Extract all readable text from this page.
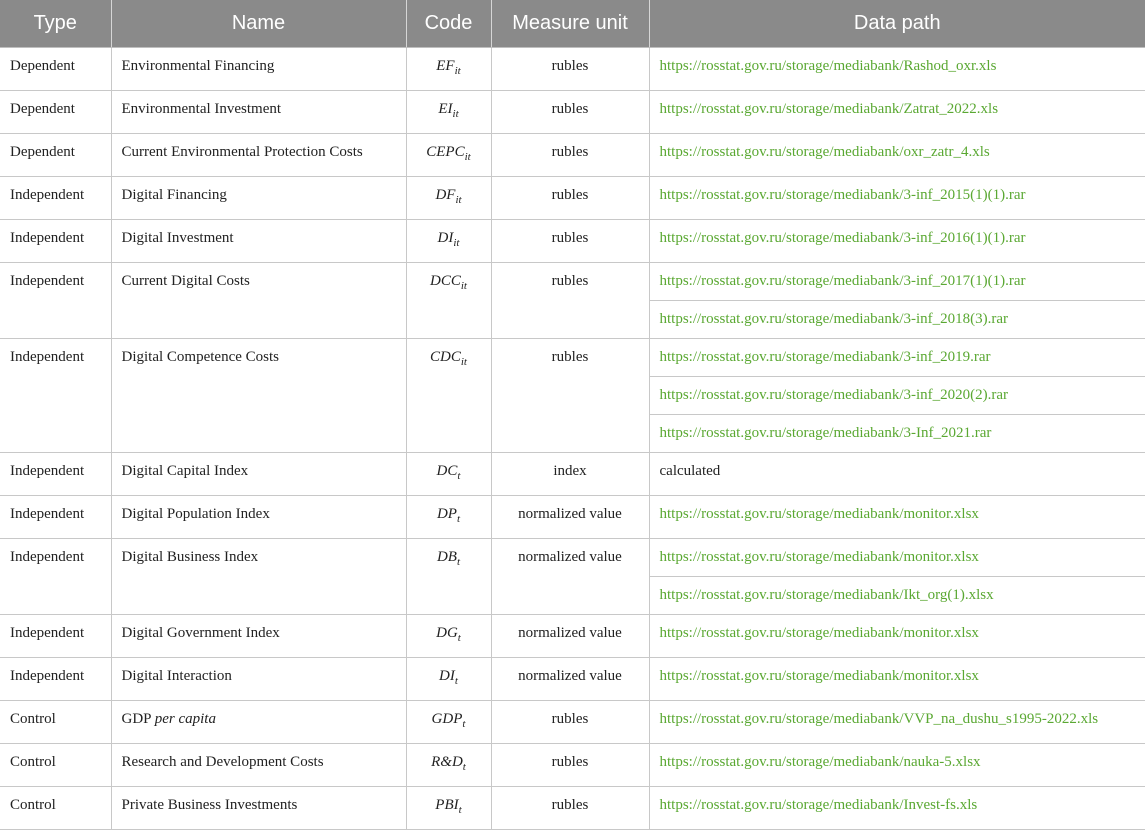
Type	Name	Code	Measure unit	Data path
Dependent	Environmental Financing	$EF_{it}$	rubles	https://rosstat.gov.ru/storage/mediabank/Rashod_oxr.xls
Dependent	Environmental Investment	$EI_{it}$	rubles	https://rosstat.gov.ru/storage/mediabank/Zatrat_2022.xls
Dependent	Current Environmental Protection Costs	$CEPC_{it}$	rubles	https://rosstat.gov.ru/storage/mediabank/oxr_zatr_4.xls
Independent	Digital Financing	$DF_{it}$	rubles	https://rosstat.gov.ru/storage/mediabank/3-inf_2015(1)(1).rar
Independent	Digital Investment	$DI_{it}$	rubles	https://rosstat.gov.ru/storage/mediabank/3-inf_2016(1)(1).rar
Independent	Current Digital Costs	$DCC_{it}$	rubles	https://rosstat.gov.ru/storage/mediabank/3-inf_2017(1)(1).rar
				https://rosstat.gov.ru/storage/mediabank/3-inf_2018(3).rar
Independent	Digital Competence Costs	$CDC_{it}$	rubles	https://rosstat.gov.ru/storage/mediabank/3-inf_2019.rar
				https://rosstat.gov.ru/storage/mediabank/3-inf_2020(2).rar
				https://rosstat.gov.ru/storage/mediabank/3-Inf_2021.rar
Independent	Digital Capital Index	$DC_t$	index	calculated
Independent	Digital Population Index	$DP_t$	normalized value	https://rosstat.gov.ru/storage/mediabank/monitor.xlsx
Independent	Digital Business Index	$DB_t$	normalized value	https://rosstat.gov.ru/storage/mediabank/monitor.xlsx
				https://rosstat.gov.ru/storage/mediabank/Ikt_org(1).xlsx
Independent	Digital Government Index	$DG_t$	normalized value	https://rosstat.gov.ru/storage/mediabank/monitor.xlsx
Independent	Digital Interaction	$DI_t$	normalized value	https://rosstat.gov.ru/storage/mediabank/monitor.xlsx
Control	GDP per capita	$GDP_t$	rubles	https://rosstat.gov.ru/storage/mediabank/VVP_na_dushu_s1995-2022.xls
Control	Research and Development Costs	$R\&D_t$	rubles	https://rosstat.gov.ru/storage/mediabank/nauka-5.xlsx
Control	Private Business Investments	$PBI_t$	rubles	https://rosstat.gov.ru/storage/mediabank/Invest-fs.xls
